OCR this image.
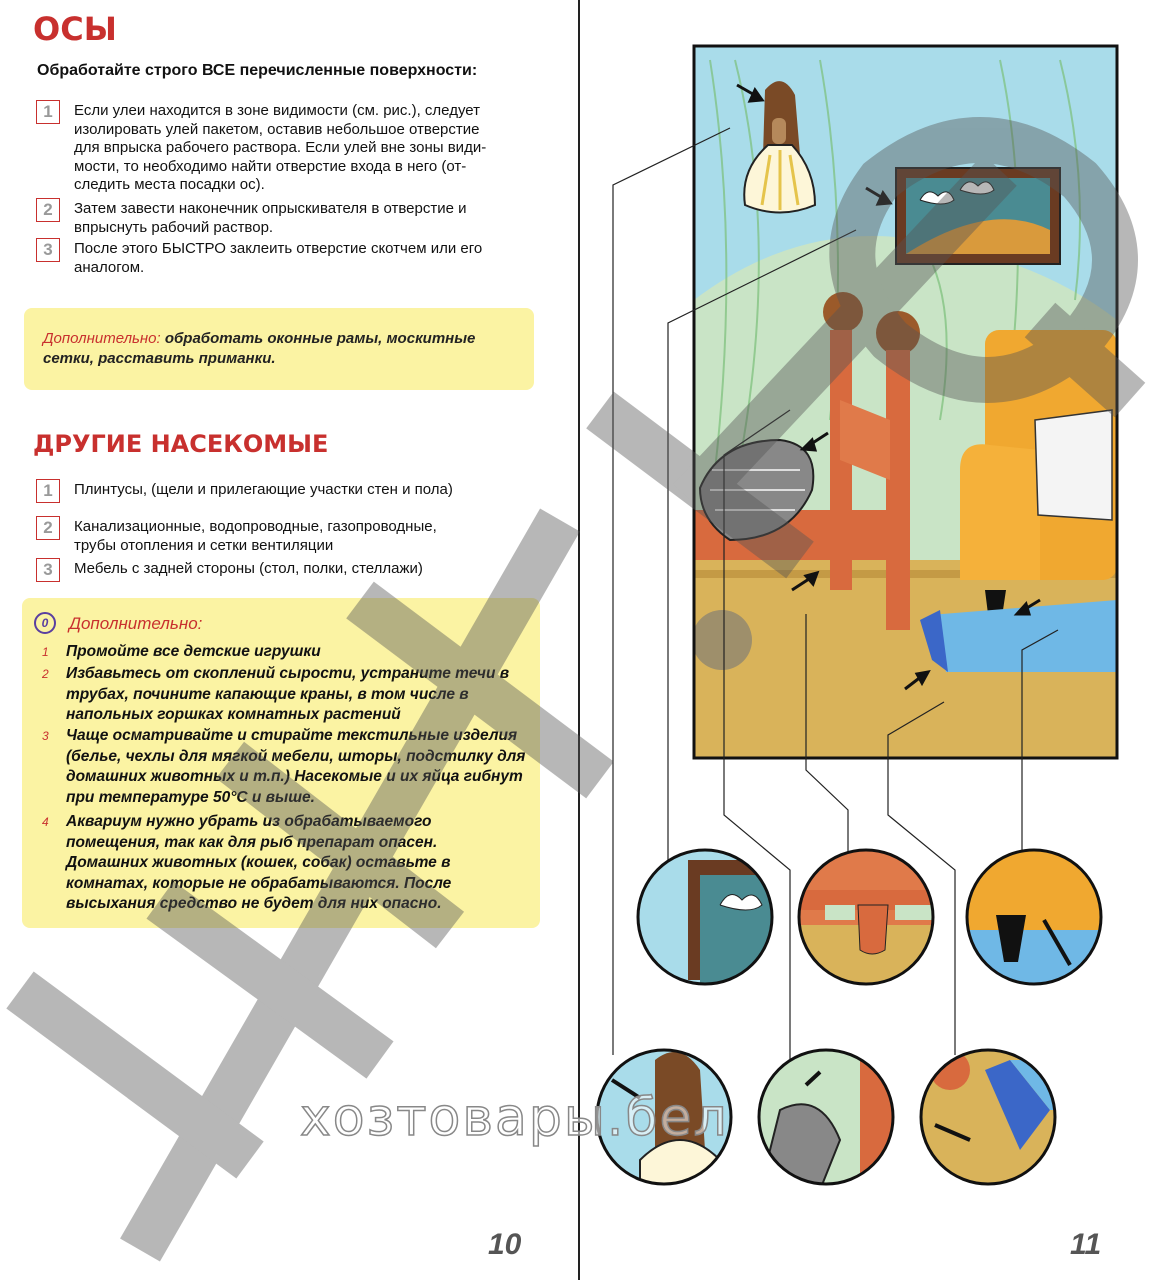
ОСЫ
Обработайте строго ВСЕ перечисленные поверхности:
1	Если улеи находится в зоне видимости (см. рис.), следует
изолировать улей пакетом, оставив небольшое отверстие
для впрыска рабочего раствора. Если улей вне зоны види-
мости, то необходимо найти отверстие входа в него (от-
следить места посадки ос).
2	Затем завести наконечник опрыскивателя в отверстие и
впрыснуть рабочий раствор.
3	После этого БЫСТРО заклеить отверстие скотчем или его
аналогом.
Дополнительно: обработать оконные рамы, москитные
сетки, расставить приманки.
ДРУГИЕ НАСЕКОМЫЕ
1	Плинтусы, (щели и прилегающие участки стен и пола)
2	Канализационные, водопроводные, газопроводные,
трубы отопления и сетки вентиляции
3	Мебель с задней стороны (стол, полки, стеллажи)
0	Дополнительно:
1 Промойте все детские игрушки
2 Избавьтесь от скоплений сырости, устраните течи в
трубах, почините капающие краны, в том числе в
напольных горшках комнатных растений
3 Чаще осматривайте и стирайте текстильные изделия
(белье, чехлы для мягкой мебели, шторы, подстилку для
домашних животных и т.п.) Насекомые и их яйца гибнут
при температуре 50°С и выше.
4 Аквариум нужно убрать из обрабатываемого
помещения, так как для рыб препарат опасен.
Домашних животных (кошек, собак) оставьте в
комнатах, которые не обрабатываются. После
высыхания средство не будет для них опасно.
10	11
хозтовары.бел
